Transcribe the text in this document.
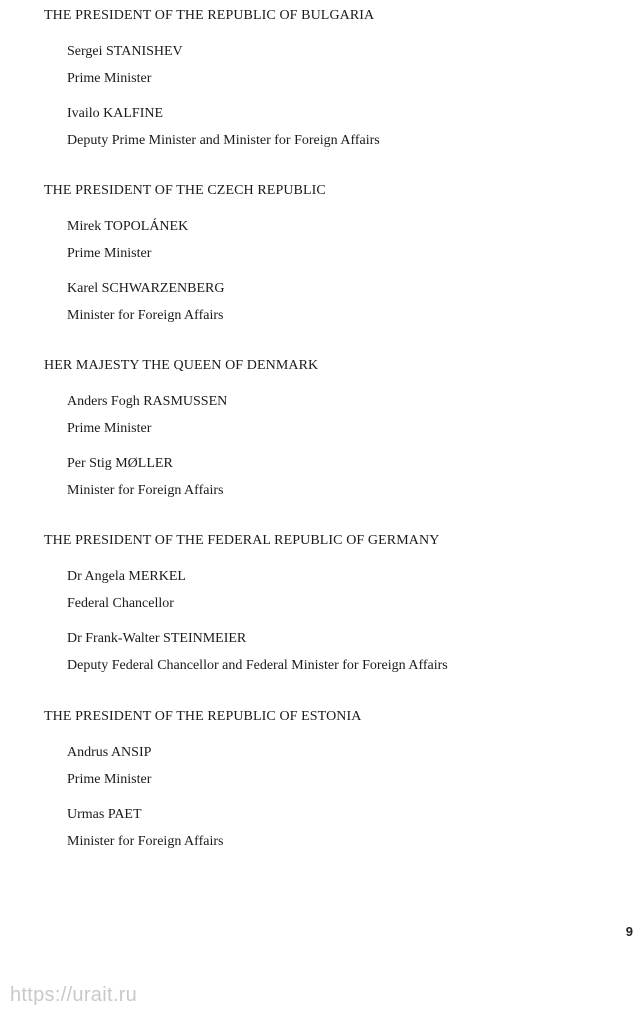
THE PRESIDENT OF THE REPUBLIC OF BULGARIA
Sergei STANISHEV
Prime Minister
Ivailo KALFINE
Deputy Prime Minister and Minister for Foreign Affairs
THE PRESIDENT OF THE CZECH REPUBLIC
Mirek TOPOLÁNEK
Prime Minister
Karel SCHWARZENBERG
Minister for Foreign Affairs
HER MAJESTY THE QUEEN OF DENMARK
Anders Fogh RASMUSSEN
Prime Minister
Per Stig MØLLER
Minister for Foreign Affairs
THE PRESIDENT OF THE FEDERAL REPUBLIC OF GERMANY
Dr Angela MERKEL
Federal Chancellor
Dr Frank-Walter STEINMEIER
Deputy Federal Chancellor and Federal Minister for Foreign Affairs
THE PRESIDENT OF THE REPUBLIC OF ESTONIA
Andrus ANSIP
Prime Minister
Urmas PAET
Minister for Foreign Affairs
9
https://urait.ru
